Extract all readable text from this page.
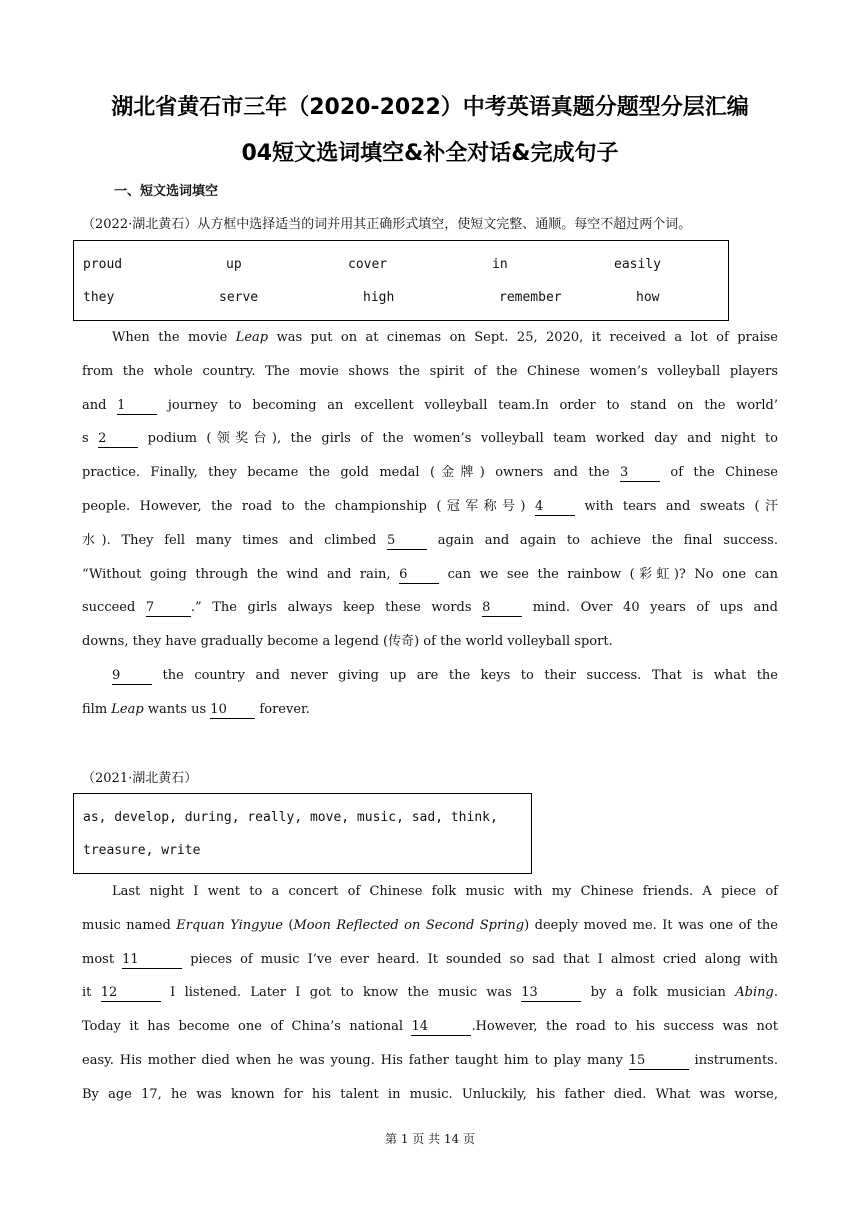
湖北省黄石市三年（2020-2022）中考英语真题分题型分层汇编
04短文选词填空&补全对话&完成句子
一、短文选词填空
（2022·湖北黄石）从方框中选择适当的词并用其正确形式填空，使短文完整、通顺。每空不超过两个词。
proud	up	cover	in	easily
they	serve	high	remember	how
When the movie Leap was put on at cinemas on Sept. 25, 2020, it received a lot of praise
from the whole country. The movie shows the spirit of the Chinese women’s volleyball players
and 1 journey to becoming an excellent volleyball team.In order to stand on the world’
s 2 podium (领奖台), the girls of the women’s volleyball team worked day and night to
practice. Finally, they became the gold medal (金牌) owners and the 3 of the Chinese
people. However, the road to the championship (冠军称号) 4 with tears and sweats (汗
水). They fell many times and climbed 5 again and again to achieve the final success.
“Without going through the wind and rain, 6 can we see the rainbow (彩虹)? No one can
succeed 7	.” The girls always keep these words 8 mind. Over 40 years of ups and
downs, they have gradually become a legend (传奇) of the world volleyball sport.
9 the country and never giving up are the keys to their success. That is what the
film Leap wants us 10 forever.
（2021·湖北黄石）
as, develop, during, really, move, music, sad, think,
treasure, write
Last night I went to a concert of Chinese folk music with my Chinese friends. A piece of
music named Erquan Yingyue (Moon Reflected on Second Spring) deeply moved me. It was one of the
most 11	pieces of music I’ve ever heard. It sounded so sad that I almost cried along with
it 12	I listened. Later I got to know the music was 13	by a folk musician Abing.
Today it has become one of China’s national 14	.However, the road to his success was not
easy. His mother died when he was young. His father taught him to play many 15	instruments.
By age 17, he was known for his talent in music. Unluckily, his father died. What was worse,
第 1 页 共 14 页
